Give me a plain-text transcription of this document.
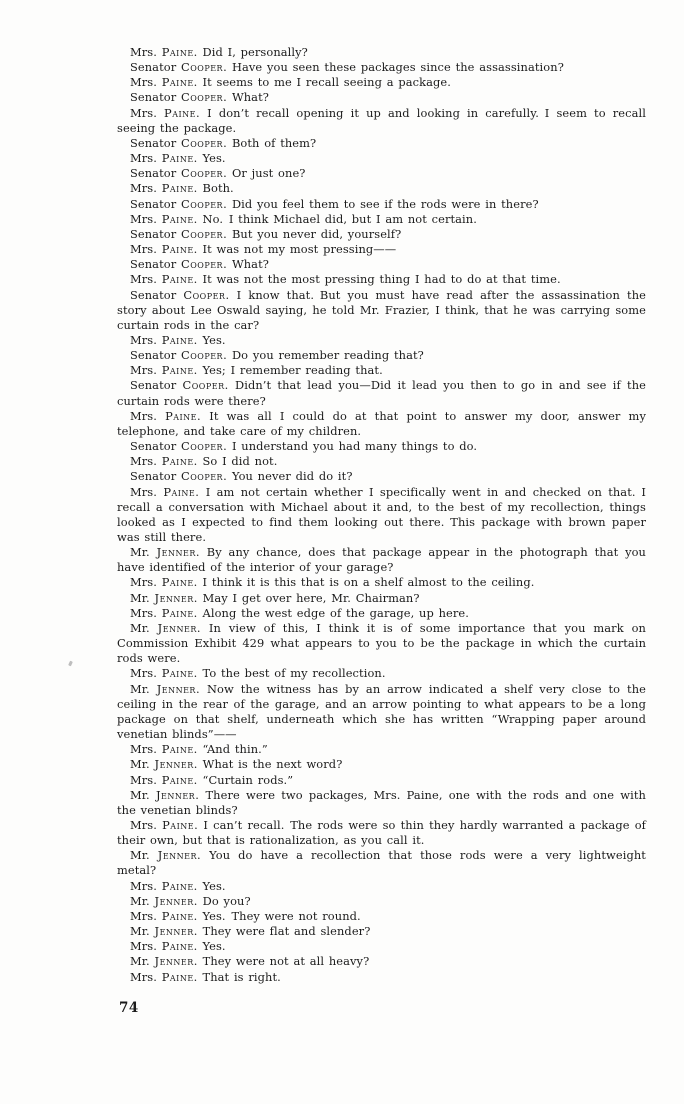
Mrs. Paine. Did I, personally?

Senator Cooper. Have you seen these packages since the assassination?

Mrs. Paine. It seems to me I recall seeing a package.

Senator Cooper. What?

Mrs. Paine. I don’t recall opening it up and looking in carefully. I seem to recall seeing the package.

Senator Cooper. Both of them?

Mrs. Paine. Yes.

Senator Cooper. Or just one?

Mrs. Paine. Both.

Senator Cooper. Did you feel them to see if the rods were in there?

Mrs. Paine. No. I think Michael did, but I am not certain.

Senator Cooper. But you never did, yourself?

Mrs. Paine. It was not my most pressing——

Senator Cooper. What?

Mrs. Paine. It was not the most pressing thing I had to do at that time.

Senator Cooper. I know that. But you must have read after the assassination the story about Lee Oswald saying, he told Mr. Frazier, I think, that he was carrying some curtain rods in the car?

Mrs. Paine. Yes.

Senator Cooper. Do you remember reading that?

Mrs. Paine. Yes; I remember reading that.

Senator Cooper. Didn’t that lead you—Did it lead you then to go in and see if the curtain rods were there?

Mrs. Paine. It was all I could do at that point to answer my door, answer my telephone, and take care of my children.

Senator Cooper. I understand you had many things to do.

Mrs. Paine. So I did not.

Senator Cooper. You never did do it?

Mrs. Paine. I am not certain whether I specifically went in and checked on that. I recall a conversation with Michael about it and, to the best of my recollection, things looked as I expected to find them looking out there. This package with brown paper was still there.

Mr. Jenner. By any chance, does that package appear in the photograph that you have identified of the interior of your garage?

Mrs. Paine. I think it is this that is on a shelf almost to the ceiling.

Mr. Jenner. May I get over here, Mr. Chairman?

Mrs. Paine. Along the west edge of the garage, up here.

Mr. Jenner. In view of this, I think it is of some importance that you mark on Commission Exhibit 429 what appears to you to be the package in which the curtain rods were.

Mrs. Paine. To the best of my recollection.

Mr. Jenner. Now the witness has by an arrow indicated a shelf very close to the ceiling in the rear of the garage, and an arrow pointing to what appears to be a long package on that shelf, underneath which she has written “Wrapping paper around venetian blinds”——

Mrs. Paine. “And thin.”

Mr. Jenner. What is the next word?

Mrs. Paine. “Curtain rods.”

Mr. Jenner. There were two packages, Mrs. Paine, one with the rods and one with the venetian blinds?

Mrs. Paine. I can’t recall. The rods were so thin they hardly warranted a package of their own, but that is rationalization, as you call it.

Mr. Jenner. You do have a recollection that those rods were a very lightweight metal?

Mrs. Paine. Yes.

Mr. Jenner. Do you?

Mrs. Paine. Yes. They were not round.

Mr. Jenner. They were flat and slender?

Mrs. Paine. Yes.

Mr. Jenner. They were not at all heavy?

Mrs. Paine. That is right.

74
